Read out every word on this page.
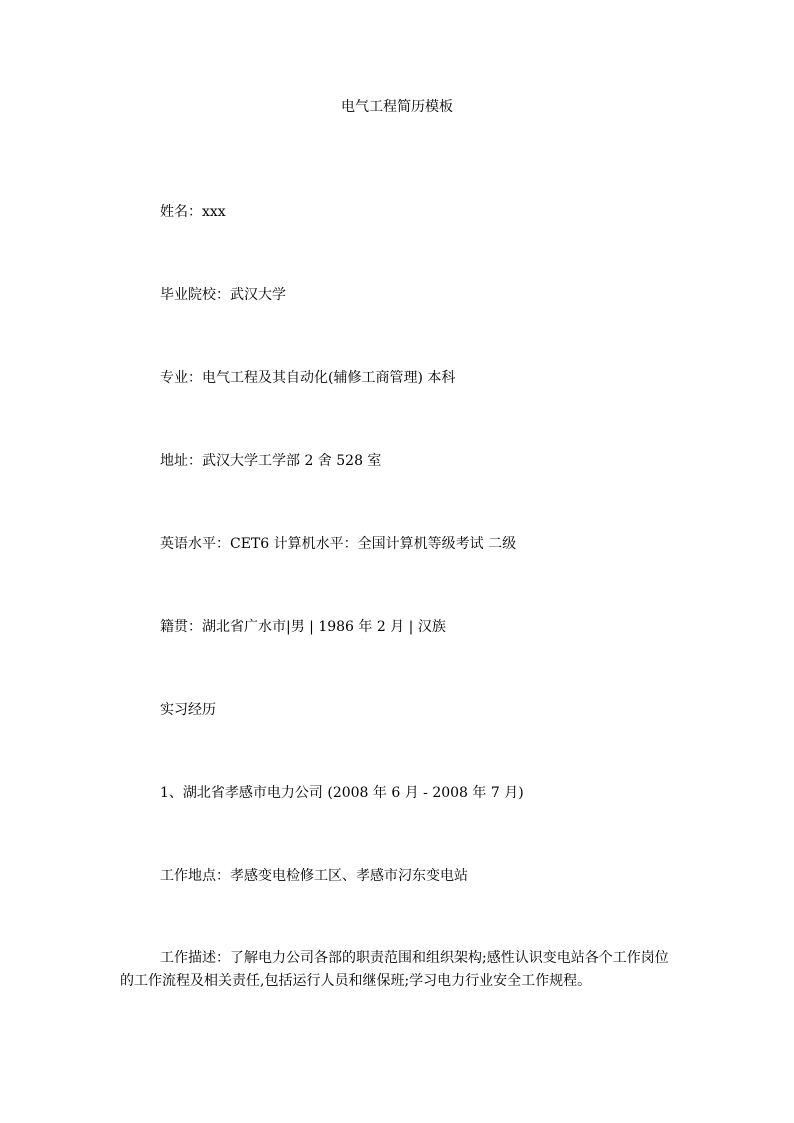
电气工程简历模板
姓名：xxx
毕业院校：武汉大学
专业：电气工程及其自动化(辅修工商管理) 本科
地址：武汉大学工学部 2 舍 528 室
英语水平：CET6 计算机水平：全国计算机等级考试 二级
籍贯：湖北省广水市|男 | 1986 年 2 月 | 汉族
实习经历
1、湖北省孝感市电力公司 (2008 年 6 月 - 2008 年 7 月)
工作地点：孝感变电检修工区、孝感市汈东变电站
工作描述：了解电力公司各部的职责范围和组织架构;感性认识变电站各个工作岗位的工作流程及相关责任,包括运行人员和继保班;学习电力行业安全工作规程。
